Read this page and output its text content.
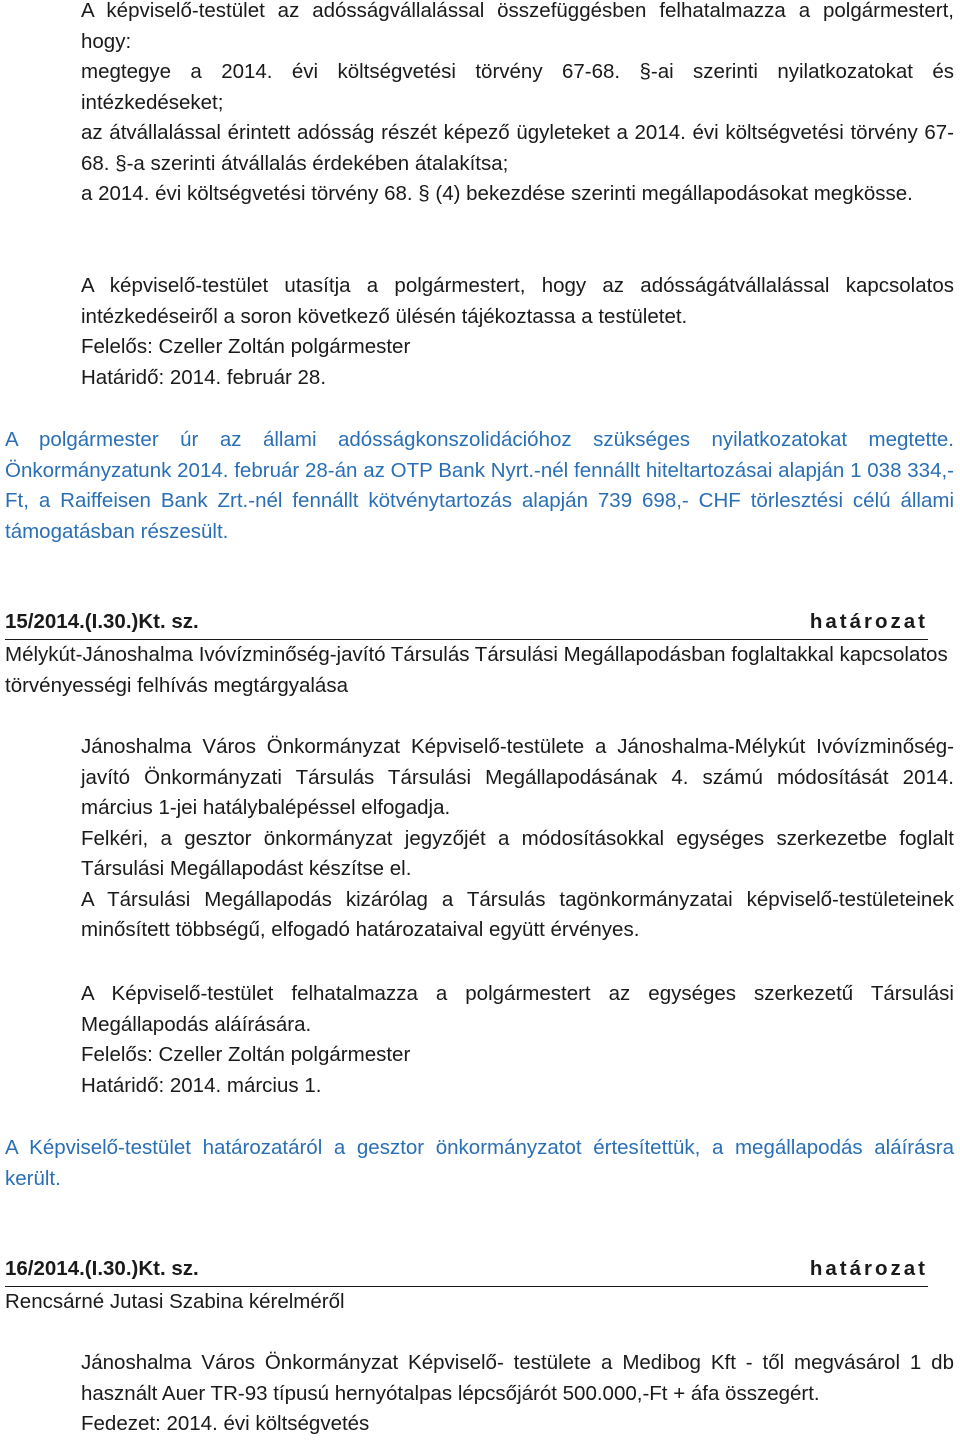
A képviselő-testület az adósságvállalással összefüggésben felhatalmazza a polgármestert, hogy:

megtegye a 2014. évi költségvetési törvény 67-68. §-ai szerinti nyilatkozatokat és intézkedéseket;

az átvállalással érintett adósság részét képező ügyleteket a 2014. évi költségvetési törvény 67-68. §-a szerinti átvállalás érdekében átalakítsa;

a 2014. évi költségvetési törvény 68. § (4) bekezdése szerinti megállapodásokat megkösse.

A képviselő-testület utasítja a polgármestert, hogy az adósságátvállalással kapcsolatos intézkedéseiről a soron következő ülésén tájékoztassa a testületet.

Felelős: Czeller Zoltán polgármester

Határidő: 2014. február 28.

A polgármester úr az állami adósságkonszolidációhoz szükséges nyilatkozatokat megtette. Önkormányzatunk 2014. február 28-án az OTP Bank Nyrt.-nél fennállt hiteltartozásai alapján 1 038 334,- Ft, a Raiffeisen Bank Zrt.-nél fennállt kötvénytartozás alapján 739 698,- CHF törlesztési célú állami támogatásban részesült.

15/2014.(I.30.)Kt. sz.	határozat

Mélykút-Jánoshalma Ivóvízminőség-javító Társulás Társulási Megállapodásban foglaltakkal kapcsolatos törvényességi felhívás megtárgyalása

Jánoshalma Város Önkormányzat Képviselő-testülete a Jánoshalma-Mélykút Ivóvízminőség-javító Önkormányzati Társulás Társulási Megállapodásának 4. számú módosítását 2014. március 1-jei hatálybalépéssel elfogadja.

Felkéri, a gesztor önkormányzat jegyzőjét a módosításokkal egységes szerkezetbe foglalt Társulási Megállapodást készítse el.

A Társulási Megállapodás kizárólag a Társulás tagönkormányzatai képviselő-testületeinek minősített többségű, elfogadó határozataival együtt érvényes.

A Képviselő-testület felhatalmazza a polgármestert az egységes szerkezetű Társulási Megállapodás aláírására.

Felelős: Czeller Zoltán polgármester

Határidő: 2014. március 1.

A Képviselő-testület határozatáról a gesztor önkormányzatot értesítettük, a megállapodás aláírásra került.

16/2014.(I.30.)Kt. sz.	határozat

Rencsárné Jutasi Szabina kérelméről

Jánoshalma Város Önkormányzat Képviselő- testülete a Medibog Kft - től megvásárol 1 db használt Auer TR-93 típusú hernyótalpas lépcsőjárót 500.000,-Ft + áfa összegért.

Fedezet: 2014. évi költségvetés
